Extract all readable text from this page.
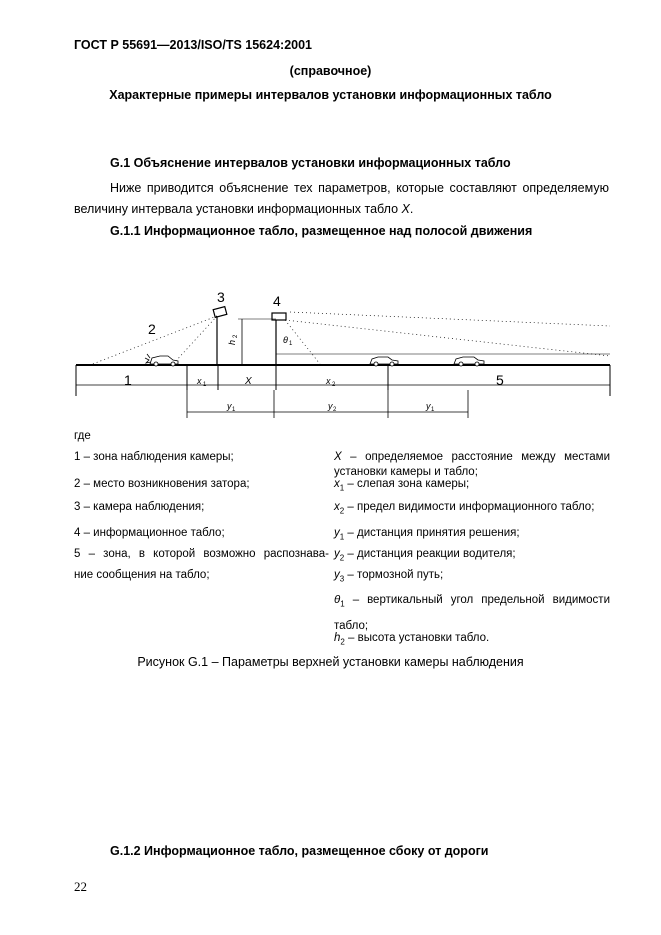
ГОСТ Р 55691—2013/ISO/TS 15624:2001
(справочное)
Характерные примеры интервалов установки информационных табло
G.1 Объяснение интервалов установки информационных табло
Ниже приводится объяснение тех параметров, которые составляют определяемую величину интервала установки информационных табло X.
G.1.1 Информационное табло, размещенное над полосой движения
1
2
3	4
5
x 1	X	x 2
h
2	θ 1
y 1	y 2	y 1
где
1 – зона наблюдения камеры;
2 – место возникновения затора;
3 – камера наблюдения;
4 – информационное табло;
5 – зона, в которой возможно распознава-
ние сообщения на табло;
X – определяемое расстояние между местами установки камеры и табло;
$x_1$ – слепая зона камеры;
$x_2$ – предел видимости информационного табло;
$y_1$ – дистанция принятия решения;
$y_2$ – дистанция реакции водителя;
$y_3$ – тормозной путь;
$\theta_1$ – вертикальный угол предельной видимости табло;
$h_2$ – высота установки табло.
Рисунок G.1 – Параметры верхней установки камеры наблюдения
G.1.2 Информационное табло, размещенное сбоку от дороги
22
